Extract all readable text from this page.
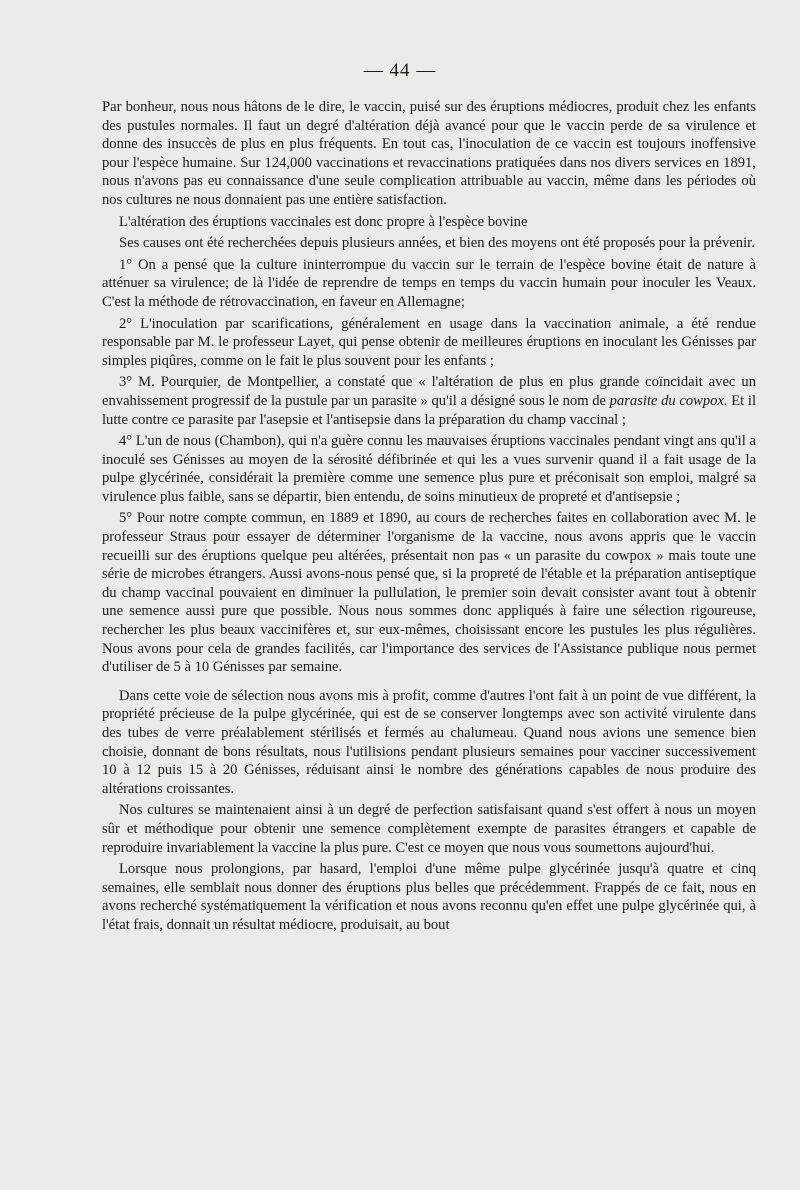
— 44 —

Par bonheur, nous nous hâtons de le dire, le vaccin, puisé sur des éruptions médiocres, produit chez les enfants des pustules normales. Il faut un degré d'altération déjà avancé pour que le vaccin perde de sa virulence et donne des insuccès de plus en plus fréquents. En tout cas, l'inoculation de ce vaccin est toujours inoffensive pour l'espèce humaine. Sur 124,000 vaccinations et revaccinations pratiquées dans nos divers services en 1891, nous n'avons pas eu connaissance d'une seule complication attribuable au vaccin, même dans les périodes où nos cultures ne nous donnaient pas une entière satisfaction.

L'altération des éruptions vaccinales est donc propre à l'espèce bovine

Ses causes ont été recherchées depuis plusieurs années, et bien des moyens ont été proposés pour la prévenir.

1° On a pensé que la culture ininterrompue du vaccin sur le terrain de l'espèce bovine était de nature à atténuer sa virulence; de là l'idée de reprendre de temps en temps du vaccin humain pour inoculer les Veaux. C'est la méthode de rétrovaccination, en faveur en Allemagne;

2° L'inoculation par scarifications, généralement en usage dans la vaccination animale, a été rendue responsable par M. le professeur Layet, qui pense obtenir de meilleures éruptions en inoculant les Génisses par simples piqûres, comme on le fait le plus souvent pour les enfants ;

3° M. Pourquier, de Montpellier, a constaté que « l'altération de plus en plus grande coïncidait avec un envahissement progressif de la pustule par un parasite » qu'il a désigné sous le nom de parasite du cowpox. Et il lutte contre ce parasite par l'asepsie et l'antisepsie dans la préparation du champ vaccinal ;

4° L'un de nous (Chambon), qui n'a guère connu les mauvaises éruptions vaccinales pendant vingt ans qu'il a inoculé ses Génisses au moyen de la sérosité défibrinée et qui les a vues survenir quand il a fait usage de la pulpe glycérinée, considérait la première comme une semence plus pure et préconisait son emploi, malgré sa virulence plus faible, sans se départir, bien entendu, de soins minutieux de propreté et d'antisepsie ;

5° Pour notre compte commun, en 1889 et 1890, au cours de recherches faites en collaboration avec M. le professeur Straus pour essayer de déterminer l'organisme de la vaccine, nous avons appris que le vaccin recueilli sur des éruptions quelque peu altérées, présentait non pas « un parasite du cowpox » mais toute une série de microbes étrangers. Aussi avons-nous pensé que, si la propreté de l'étable et la préparation antiseptique du champ vaccinal pouvaient en diminuer la pullulation, le premier soin devait consister avant tout à obtenir une semence aussi pure que possible. Nous nous sommes donc appliqués à faire une sélection rigoureuse, rechercher les plus beaux vaccinifères et, sur eux-mêmes, choisissant encore les pustules les plus régulières. Nous avons pour cela de grandes facilités, car l'importance des services de l'Assistance publique nous permet d'utiliser de 5 à 10 Génisses par semaine.

Dans cette voie de sélection nous avons mis à profit, comme d'autres l'ont fait à un point de vue différent, la propriété précieuse de la pulpe glycérinée, qui est de se conserver longtemps avec son activité virulente dans des tubes de verre préalablement stérilisés et fermés au chalumeau. Quand nous avions une semence bien choisie, donnant de bons résultats, nous l'utilisions pendant plusieurs semaines pour vacciner successivement 10 à 12 puis 15 à 20 Génisses, réduisant ainsi le nombre des générations capables de nous produire des altérations croissantes.

Nos cultures se maintenaient ainsi à un degré de perfection satisfaisant quand s'est offert à nous un moyen sûr et méthodique pour obtenir une semence complètement exempte de parasites étrangers et capable de reproduire invariablement la vaccine la plus pure. C'est ce moyen que nous vous soumettons aujourd'hui.

Lorsque nous prolongions, par hasard, l'emploi d'une même pulpe glycérinée jusqu'à quatre et cinq semaines, elle semblait nous donner des éruptions plus belles que précédemment. Frappés de ce fait, nous en avons recherché systématiquement la vérification et nous avons reconnu qu'en effet une pulpe glycérinée qui, à l'état frais, donnait un résultat médiocre, produisait, au bout
